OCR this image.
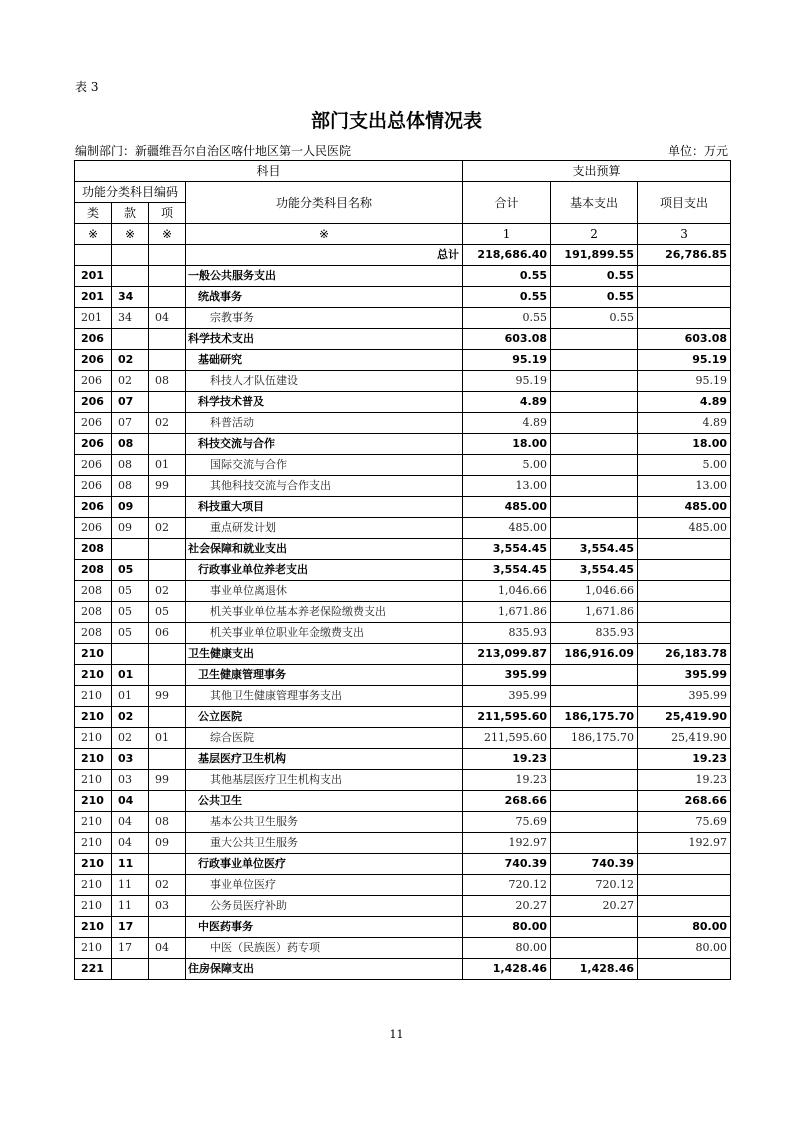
表 3
部门支出总体情况表
编制部门：新疆维吾尔自治区喀什地区第一人民医院	单位：万元
科目				支出预算		
功能分类科目编码			功能分类科目名称	合计	基本支出	项目支出
类	款	项				
※	※	※	※	1	2	3
			总计	218,686.40	191,899.55	26,786.85
201			一般公共服务支出	0.55	0.55	
201	34		统战事务	0.55	0.55	
201	34	04	宗教事务	0.55	0.55	
206			科学技术支出	603.08		603.08
206	02		基础研究	95.19		95.19
206	02	08	科技人才队伍建设	95.19		95.19
206	07		科学技术普及	4.89		4.89
206	07	02	科普活动	4.89		4.89
206	08		科技交流与合作	18.00		18.00
206	08	01	国际交流与合作	5.00		5.00
206	08	99	其他科技交流与合作支出	13.00		13.00
206	09		科技重大项目	485.00		485.00
206	09	02	重点研发计划	485.00		485.00
208			社会保障和就业支出	3,554.45	3,554.45	
208	05		行政事业单位养老支出	3,554.45	3,554.45	
208	05	02	事业单位离退休	1,046.66	1,046.66	
208	05	05	机关事业单位基本养老保险缴费支出	1,671.86	1,671.86	
208	05	06	机关事业单位职业年金缴费支出	835.93	835.93	
210			卫生健康支出	213,099.87	186,916.09	26,183.78
210	01		卫生健康管理事务	395.99		395.99
210	01	99	其他卫生健康管理事务支出	395.99		395.99
210	02		公立医院	211,595.60	186,175.70	25,419.90
210	02	01	综合医院	211,595.60	186,175.70	25,419.90
210	03		基层医疗卫生机构	19.23		19.23
210	03	99	其他基层医疗卫生机构支出	19.23		19.23
210	04		公共卫生	268.66		268.66
210	04	08	基本公共卫生服务	75.69		75.69
210	04	09	重大公共卫生服务	192.97		192.97
210	11		行政事业单位医疗	740.39	740.39	
210	11	02	事业单位医疗	720.12	720.12	
210	11	03	公务员医疗补助	20.27	20.27	
210	17		中医药事务	80.00		80.00
210	17	04	中医（民族医）药专项	80.00		80.00
221			住房保障支出	1,428.46	1,428.46	
11
